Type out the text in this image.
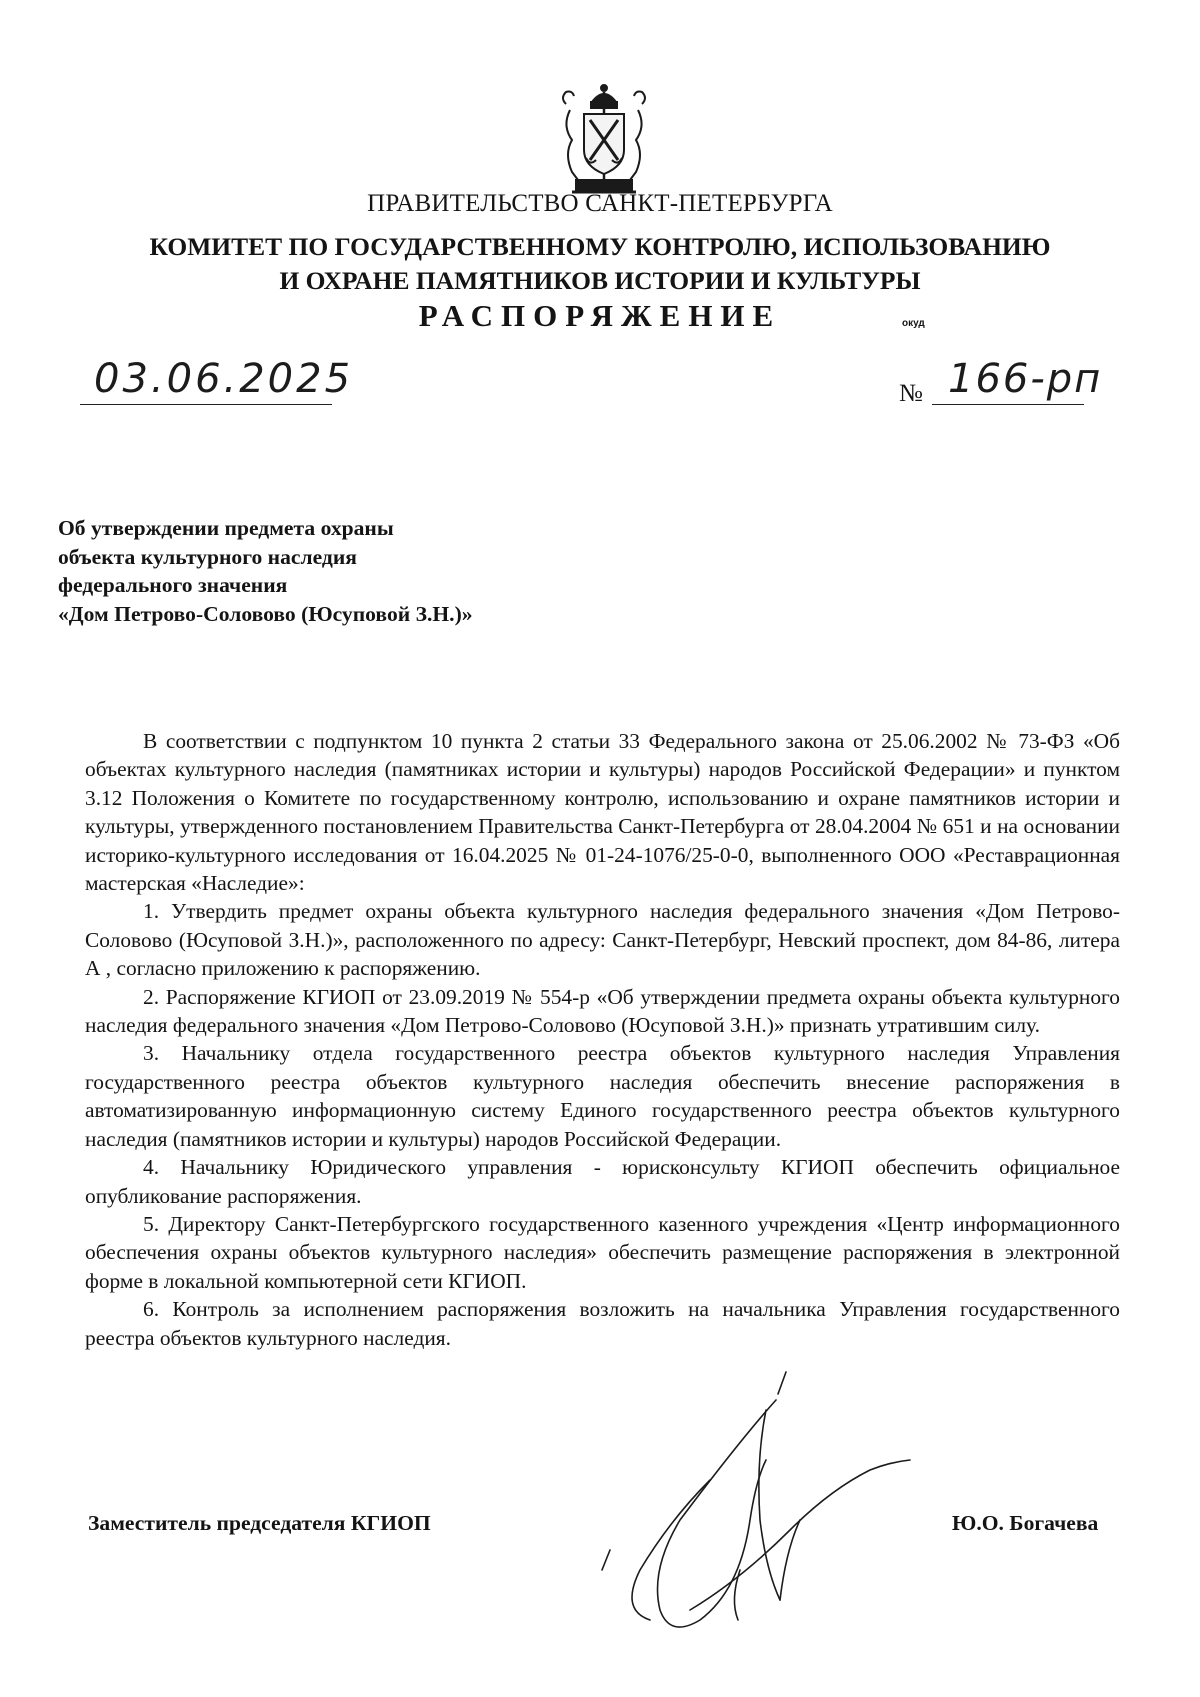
ПРАВИТЕЛЬСТВО САНКТ-ПЕТЕРБУРГА
КОМИТЕТ ПО ГОСУДАРСТВЕННОМУ КОНТРОЛЮ, ИСПОЛЬЗОВАНИЮ
И ОХРАНЕ ПАМЯТНИКОВ ИСТОРИИ И КУЛЬТУРЫ
РАСПОРЯЖЕНИЕ	окуд
03.06.2025	№ 166-рп
Об утверждении предмета охраны
объекта культурного наследия
федерального значения
«Дом Петрово-Соловово (Юсуповой З.Н.)»

В соответствии с подпунктом 10 пункта 2 статьи 33 Федерального закона от 25.06.2002 № 73-ФЗ «Об объектах культурного наследия (памятниках истории и культуры) народов Российской Федерации» и пунктом 3.12 Положения о Комитете по государственному контролю, использованию и охране памятников истории и культуры, утвержденного постановлением Правительства Санкт-Петербурга от 28.04.2004 № 651 и на основании историко-культурного исследования от 16.04.2025 № 01-24-1076/25-0-0, выполненного ООО «Реставрационная мастерская «Наследие»:

1. Утвердить предмет охраны объекта культурного наследия федерального значения «Дом Петрово-Соловово (Юсуповой З.Н.)», расположенного по адресу: Санкт-Петербург, Невский проспект, дом 84-86, литера А , согласно приложению к распоряжению.

2. Распоряжение КГИОП от 23.09.2019 № 554-р «Об утверждении предмета охраны объекта культурного наследия федерального значения «Дом Петрово-Соловово (Юсуповой З.Н.)» признать утратившим силу.

3. Начальнику отдела государственного реестра объектов культурного наследия Управления государственного реестра объектов культурного наследия обеспечить внесение распоряжения в автоматизированную информационную систему Единого государственного реестра объектов культурного наследия (памятников истории и культуры) народов Российской Федерации.

4. Начальнику Юридического управления - юрисконсульту КГИОП обеспечить официальное опубликование распоряжения.

5. Директору Санкт-Петербургского государственного казенного учреждения «Центр информационного обеспечения охраны объектов культурного наследия» обеспечить размещение распоряжения в электронной форме в локальной компьютерной сети КГИОП.

6. Контроль за исполнением распоряжения возложить на начальника Управления государственного реестра объектов культурного наследия.

Заместитель председателя КГИОП	Ю.О. Богачева
